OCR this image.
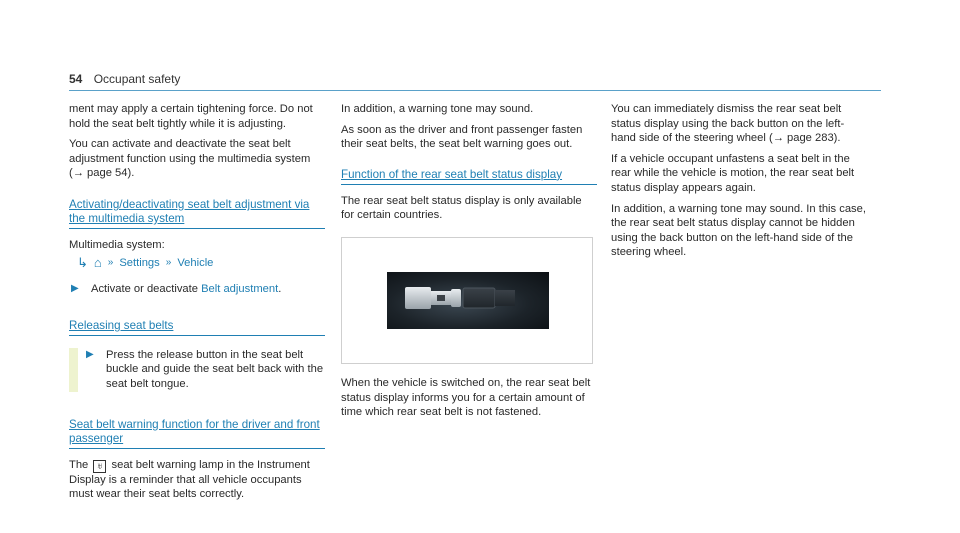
54 Occupant safety

ment may apply a certain tightening force. Do not hold the seat belt tightly while it is adjusting.

You can activate and deactivate the seat belt adjustment function using the multimedia system (→ page 54).

Activating/deactivating seat belt adjustment via
the multimedia system

Multimedia system:

↳ ⌂ » Settings » Vehicle
▶ Activate or deactivate Belt adjustment.
Releasing seat belts
▶ Press the release button in the seat belt buckle and guide the seat belt back with the seat belt tongue.
Seat belt warning function for the driver and front
passenger

The ♅ seat belt warning lamp in the Instrument Display is a reminder that all vehicle occupants must wear their seat belts correctly.

In addition, a warning tone may sound.

As soon as the driver and front passenger fasten their seat belts, the seat belt warning goes out.

Function of the rear seat belt status display

The rear seat belt status display is only available for certain countries.

When the vehicle is switched on, the rear seat belt status display informs you for a certain amount of time which rear seat belt is not fastened.

You can immediately dismiss the rear seat belt status display using the back button on the left-hand side of the steering wheel (→ page 283).

If a vehicle occupant unfastens a seat belt in the rear while the vehicle is motion, the rear seat belt status display appears again.

In addition, a warning tone may sound. In this case, the rear seat belt status display cannot be hidden using the back button on the left-hand side of the steering wheel.
